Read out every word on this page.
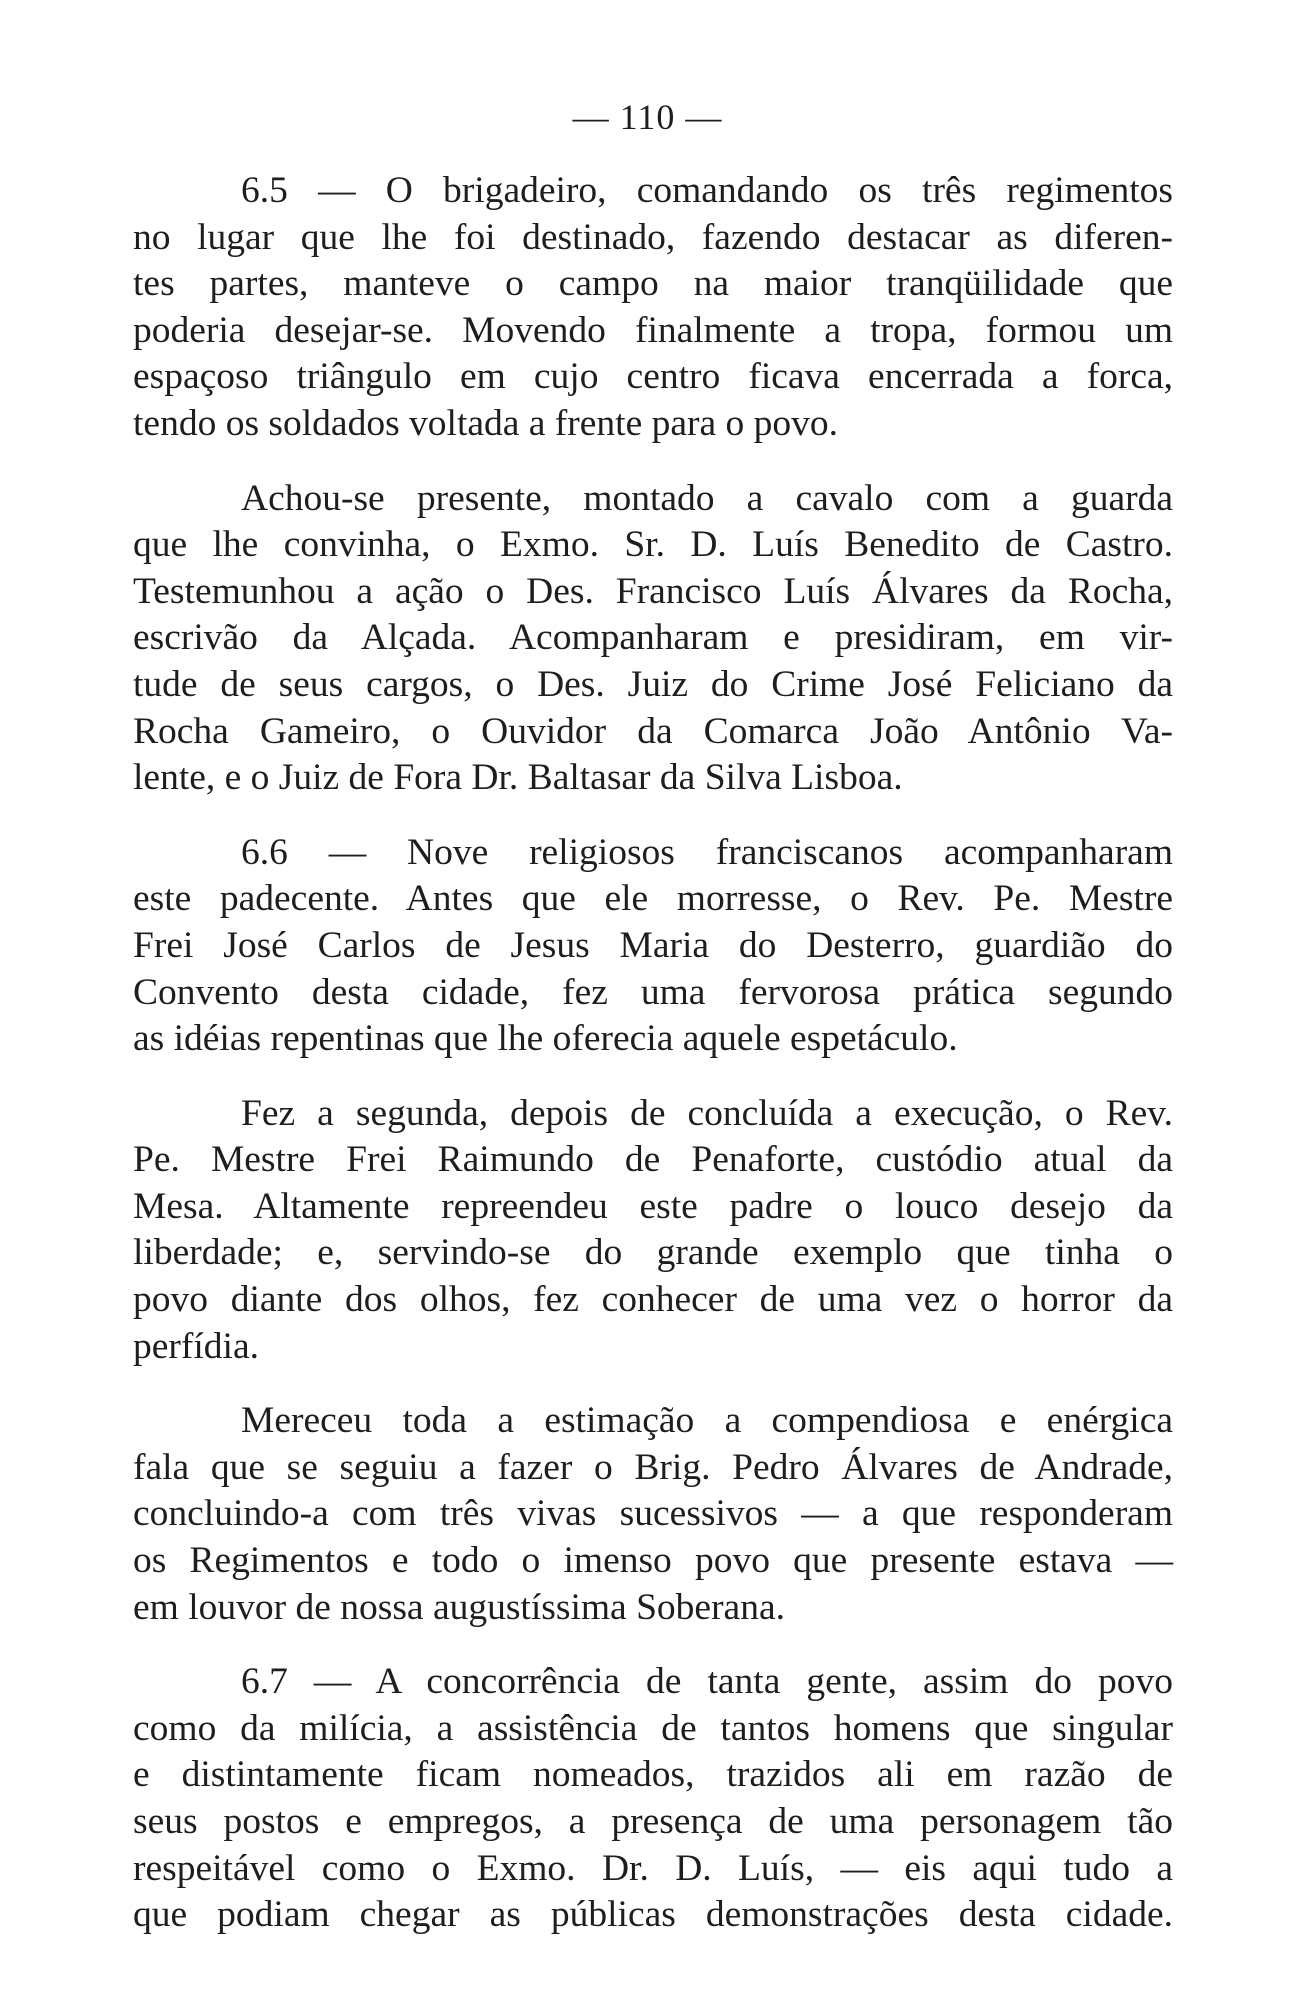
— 110 —

6.5 — O brigadeiro, comandando os três regimentos
no lugar que lhe foi destinado, fazendo destacar as diferen-
tes partes, manteve o campo na maior tranqüilidade que
poderia desejar-se. Movendo finalmente a tropa, formou um
espaçoso triângulo em cujo centro ficava encerrada a forca,
tendo os soldados voltada a frente para o povo.

Achou-se presente, montado a cavalo com a guarda
que lhe convinha, o Exmo. Sr. D. Luís Benedito de Castro.
Testemunhou a ação o Des. Francisco Luís Álvares da Rocha,
escrivão da Alçada. Acompanharam e presidiram, em vir-
tude de seus cargos, o Des. Juiz do Crime José Feliciano da
Rocha Gameiro, o Ouvidor da Comarca João Antônio Va-
lente, e o Juiz de Fora Dr. Baltasar da Silva Lisboa.

6.6 — Nove religiosos franciscanos acompanharam
este padecente. Antes que ele morresse, o Rev. Pe. Mestre
Frei José Carlos de Jesus Maria do Desterro, guardião do
Convento desta cidade, fez uma fervorosa prática segundo
as idéias repentinas que lhe oferecia aquele espetáculo.

Fez a segunda, depois de concluída a execução, o Rev.
Pe. Mestre Frei Raimundo de Penaforte, custódio atual da
Mesa. Altamente repreendeu este padre o louco desejo da
liberdade; e, servindo-se do grande exemplo que tinha o
povo diante dos olhos, fez conhecer de uma vez o horror da
perfídia.

Mereceu toda a estimação a compendiosa e enérgica
fala que se seguiu a fazer o Brig. Pedro Álvares de Andrade,
concluindo-a com três vivas sucessivos — a que responderam
os Regimentos e todo o imenso povo que presente estava —
em louvor de nossa augustíssima Soberana.

6.7 — A concorrência de tanta gente, assim do povo
como da milícia, a assistência de tantos homens que singular
e distintamente ficam nomeados, trazidos ali em razão de
seus postos e empregos, a presença de uma personagem tão
respeitável como o Exmo. Dr. D. Luís, — eis aqui tudo a
que podiam chegar as públicas demonstrações desta cidade.
